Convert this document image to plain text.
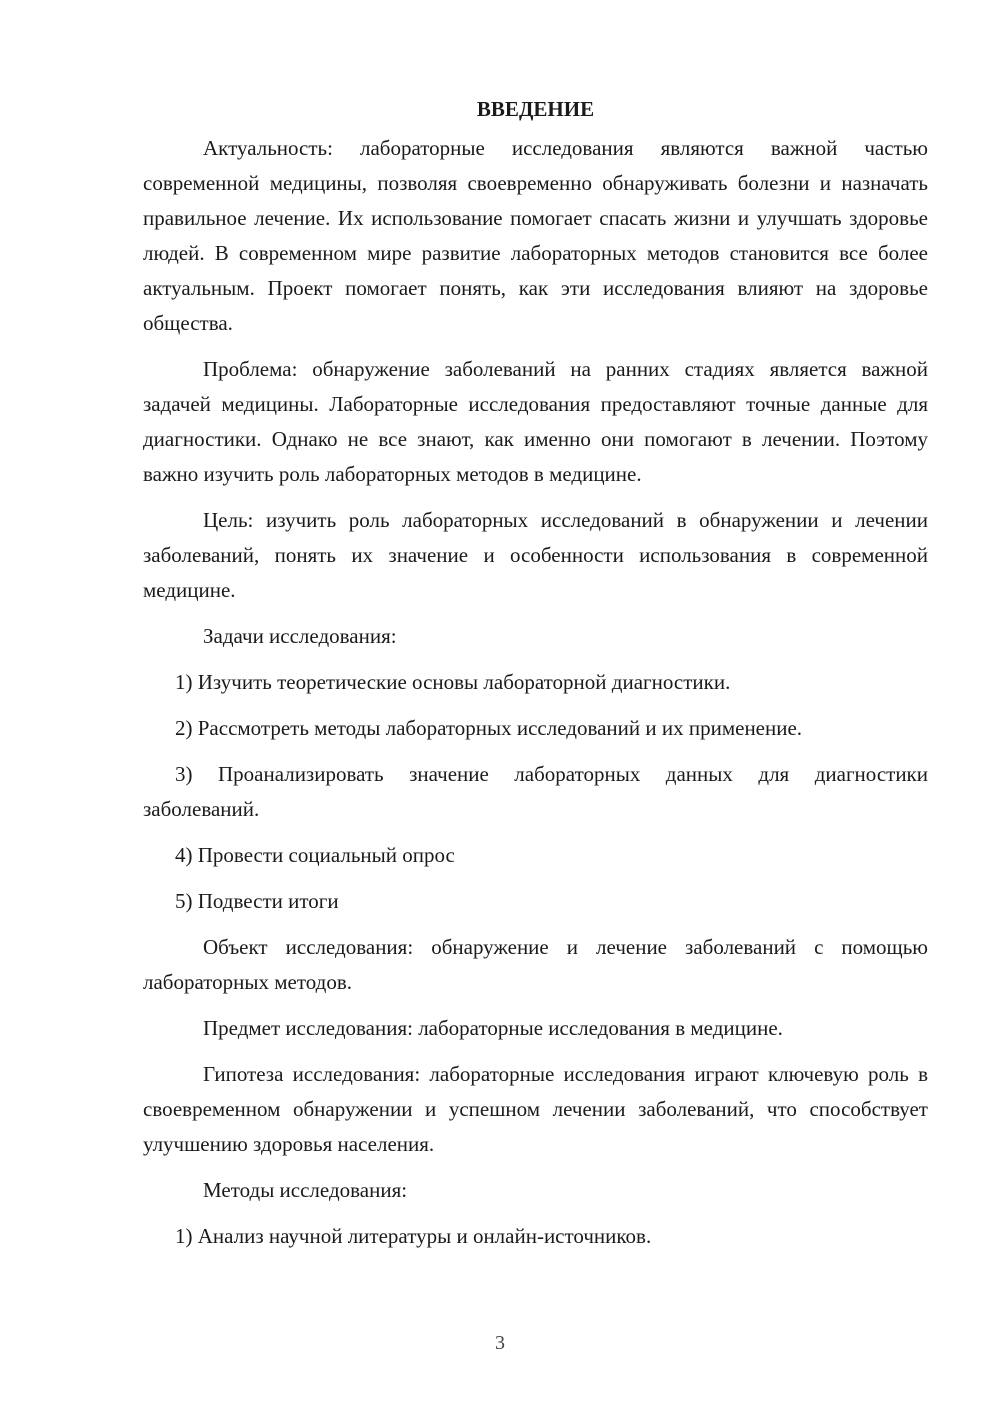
ВВЕДЕНИЕ

Актуальность: лабораторные исследования являются важной частью современной медицины, позволяя своевременно обнаруживать болезни и назначать правильное лечение. Их использование помогает спасать жизни и улучшать здоровье людей. В современном мире развитие лабораторных методов становится все более актуальным. Проект помогает понять, как эти исследования влияют на здоровье общества.

Проблема: обнаружение заболеваний на ранних стадиях является важной задачей медицины. Лабораторные исследования предоставляют точные данные для диагностики. Однако не все знают, как именно они помогают в лечении. Поэтому важно изучить роль лабораторных методов в медицине.

Цель: изучить роль лабораторных исследований в обнаружении и лечении заболеваний, понять их значение и особенности использования в современной медицине.

Задачи исследования:

1) Изучить теоретические основы лабораторной диагностики.

2) Рассмотреть методы лабораторных исследований и их применение.

3) Проанализировать значение лабораторных данных для диагностики заболеваний.

4) Провести социальный опрос

5) Подвести итоги

Объект исследования: обнаружение и лечение заболеваний с помощью лабораторных методов.

Предмет исследования: лабораторные исследования в медицине.

Гипотеза исследования: лабораторные исследования играют ключевую роль в своевременном обнаружении и успешном лечении заболеваний, что способствует улучшению здоровья населения.

Методы исследования:

1) Анализ научной литературы и онлайн-источников.

3
